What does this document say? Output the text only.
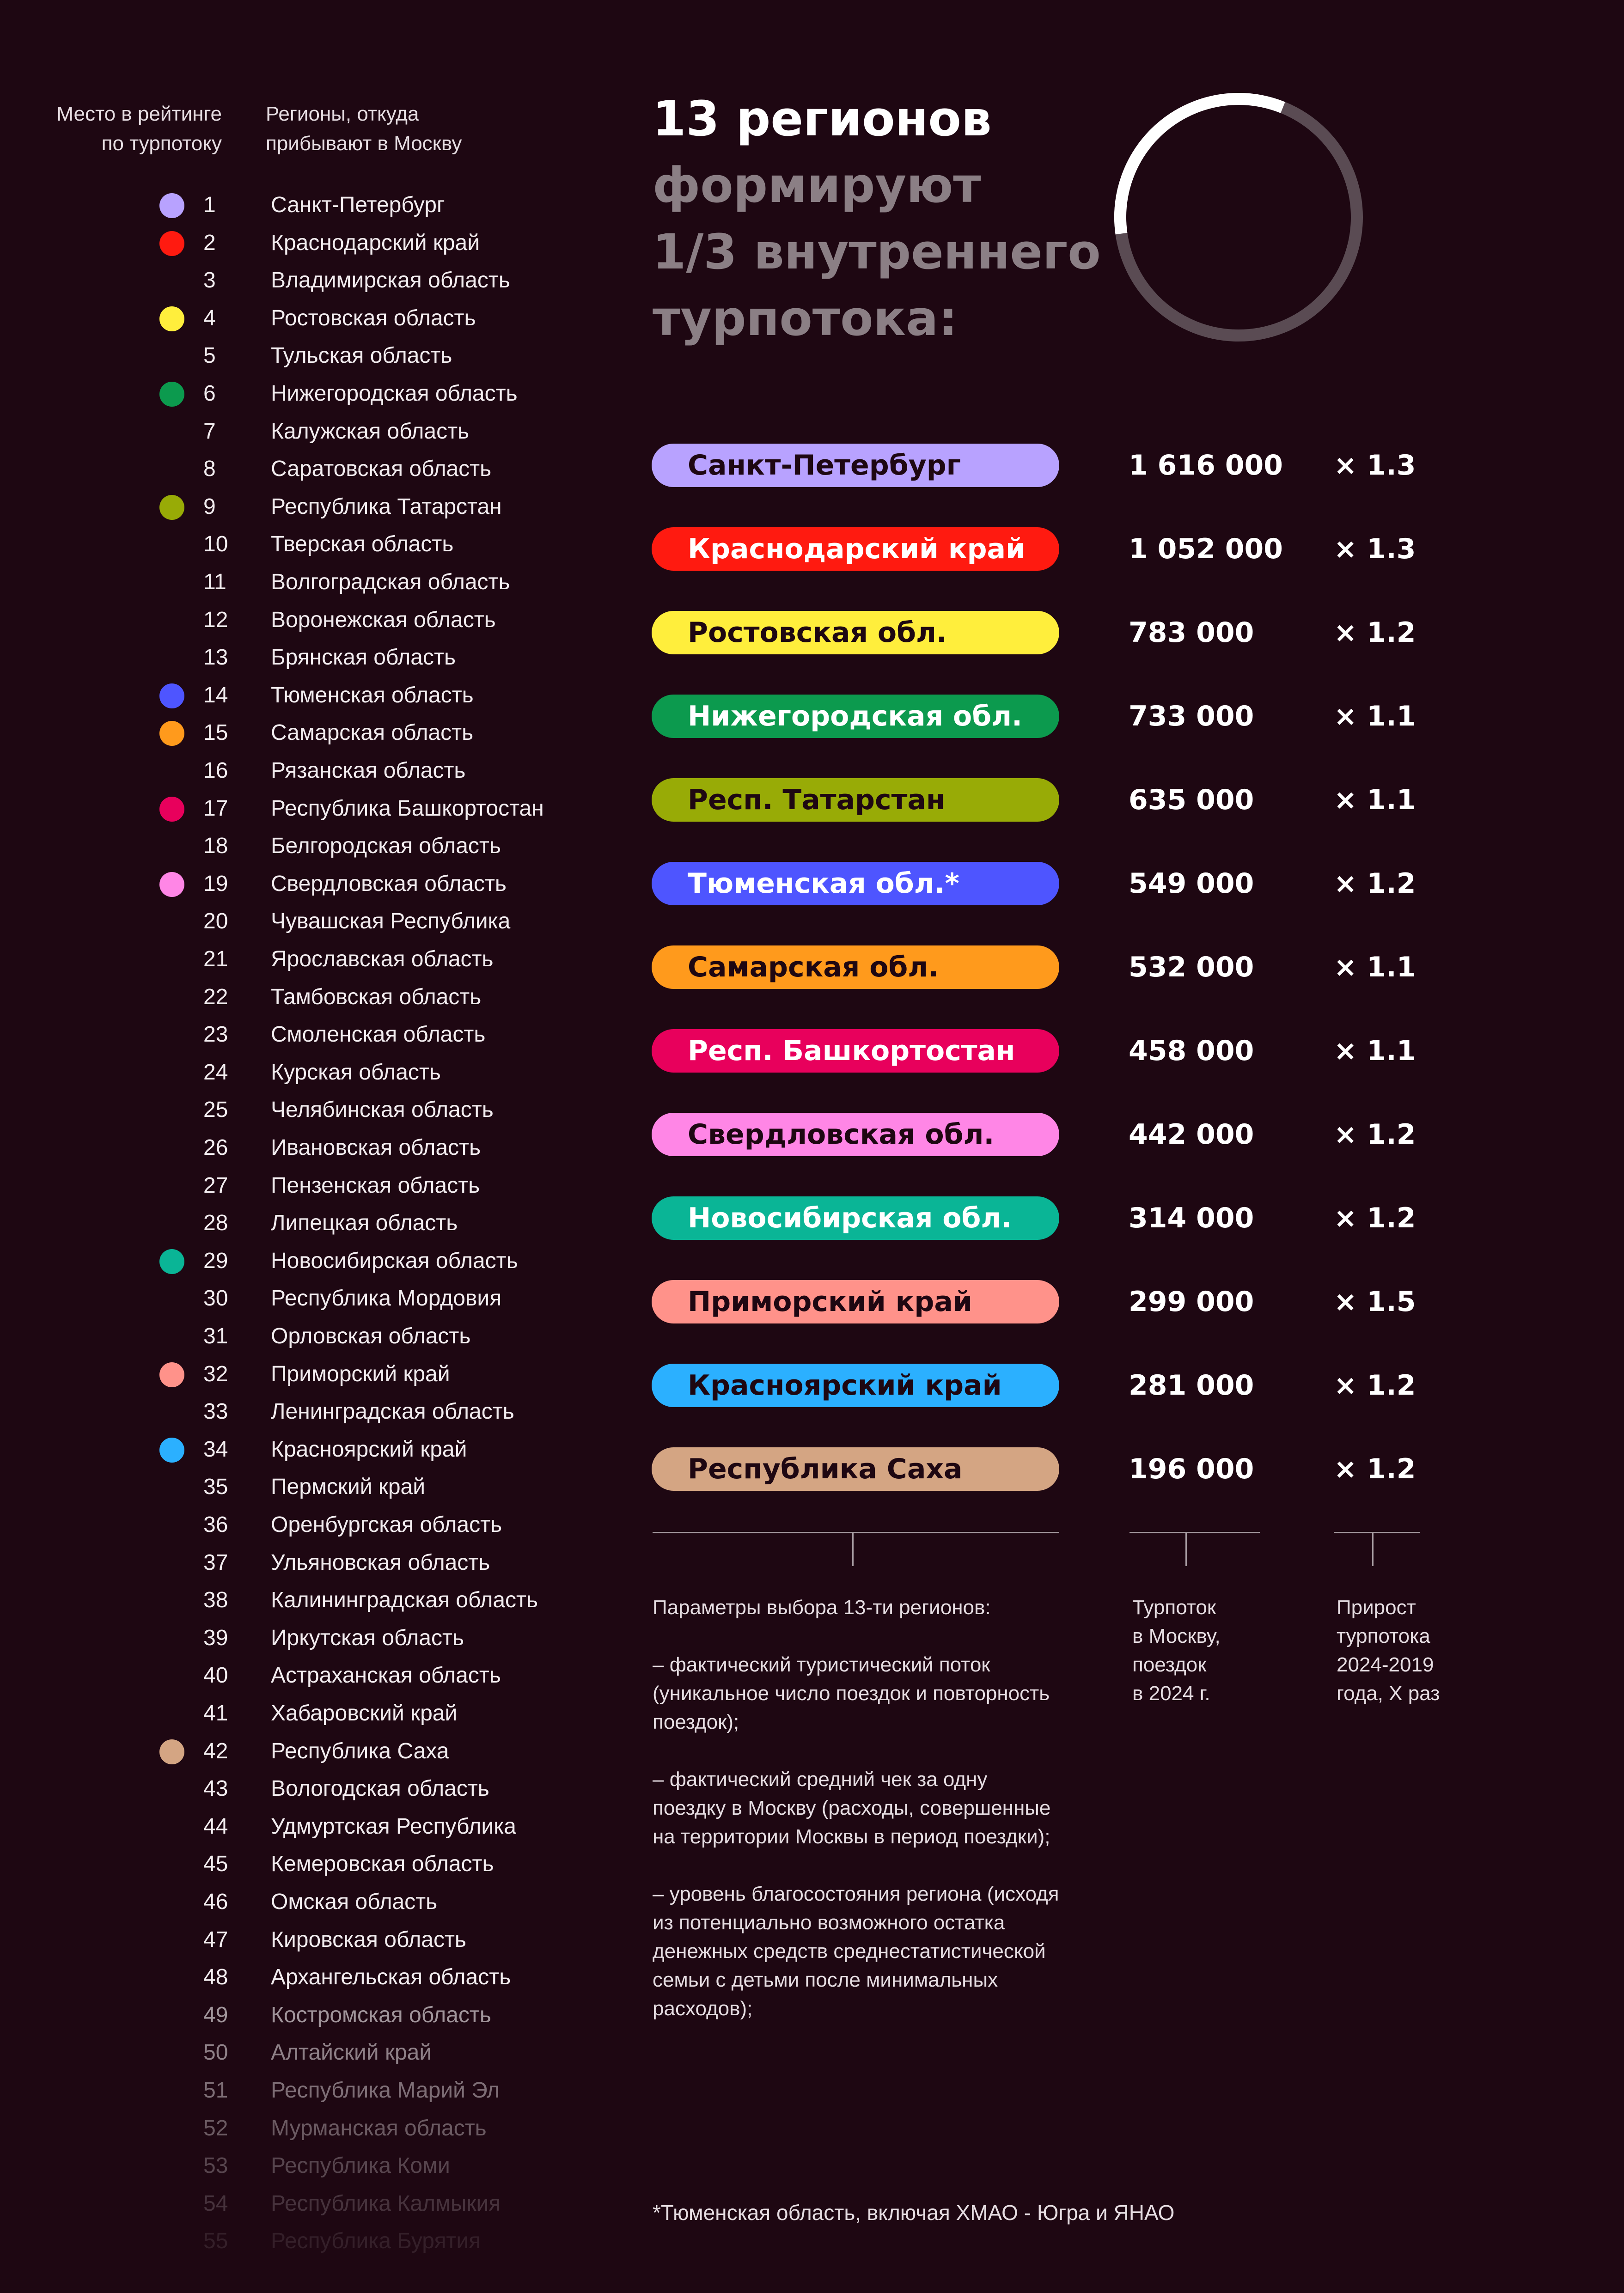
Место в рейтинге
по турпотоку
Регионы, откуда
прибывают в Москву
1	Санкт-Петербург
2	Краснодарский край
3	Владимирская область
4	Ростовская область
5	Тульская область
6	Нижегородская область
7	Калужская область
8	Саратовская область
9	Республика Татарстан
10	Тверская область
11	Волгоградская область
12	Воронежская область
13	Брянская область
14	Тюменская область
15	Самарская область
16	Рязанская область
17	Республика Башкортостан
18	Белгородская область
19	Свердловская область
20	Чувашская Республика
21	Ярославская область
22	Тамбовская область
23	Смоленская область
24	Курская область
25	Челябинская область
26	Ивановская область
27	Пензенская область
28	Липецкая область
29	Новосибирская область
30	Республика Мордовия
31	Орловская область
32	Приморский край
33	Ленинградская область
34	Красноярский край
35	Пермский край
36	Оренбургская область
37	Ульяновская область
38	Калининградская область
39	Иркутская область
40	Астраханская область
41	Хабаровский край
42	Республика Саха
43	Вологодская область
44	Удмуртская Республика
45	Кемеровская область
46	Омская область
47	Кировская область
48	Архангельская область
49	Костромская область
50	Алтайский край
51	Республика Марий Эл
52	Мурманская область
53	Республика Коми
54	Республика Калмыкия
55	Республика Бурятия
13 регионов
формируют
1/3 внутреннего
турпотока:
Санкт-Петербург	1 616 000	× 1.3
Краснодарский край	1 052 000	× 1.3
Ростовская обл.	783 000	× 1.2
Нижегородская обл.	733 000	× 1.1
Респ. Татарстан	635 000	× 1.1
Тюменская обл.*	549 000	× 1.2
Самарская обл.	532 000	× 1.1
Респ. Башкортостан	458 000	× 1.1
Свердловская обл.	442 000	× 1.2
Новосибирская обл.	314 000	× 1.2
Приморский край	299 000	× 1.5
Красноярский край	281 000	× 1.2
Республика Саха	196 000	× 1.2

Параметры выбора 13-ти регионов:

– фактический туристический поток (уникальное число поездок и повторность поездок);

– фактический средний чек за одну поездку в Москву (расходы, совершенные на территории Москвы в период поездки);

– уровень благосостояния региона (исходя из потенциально возможного остатка денежных средств среднестатистической семьи с детьми после минимальных расходов);

Турпоток
в Москву,
поездок
в 2024 г.
Прирост
турпотока
2024-2019
года, Х раз
*Тюменская область, включая ХМАО - Югра и ЯНАО
